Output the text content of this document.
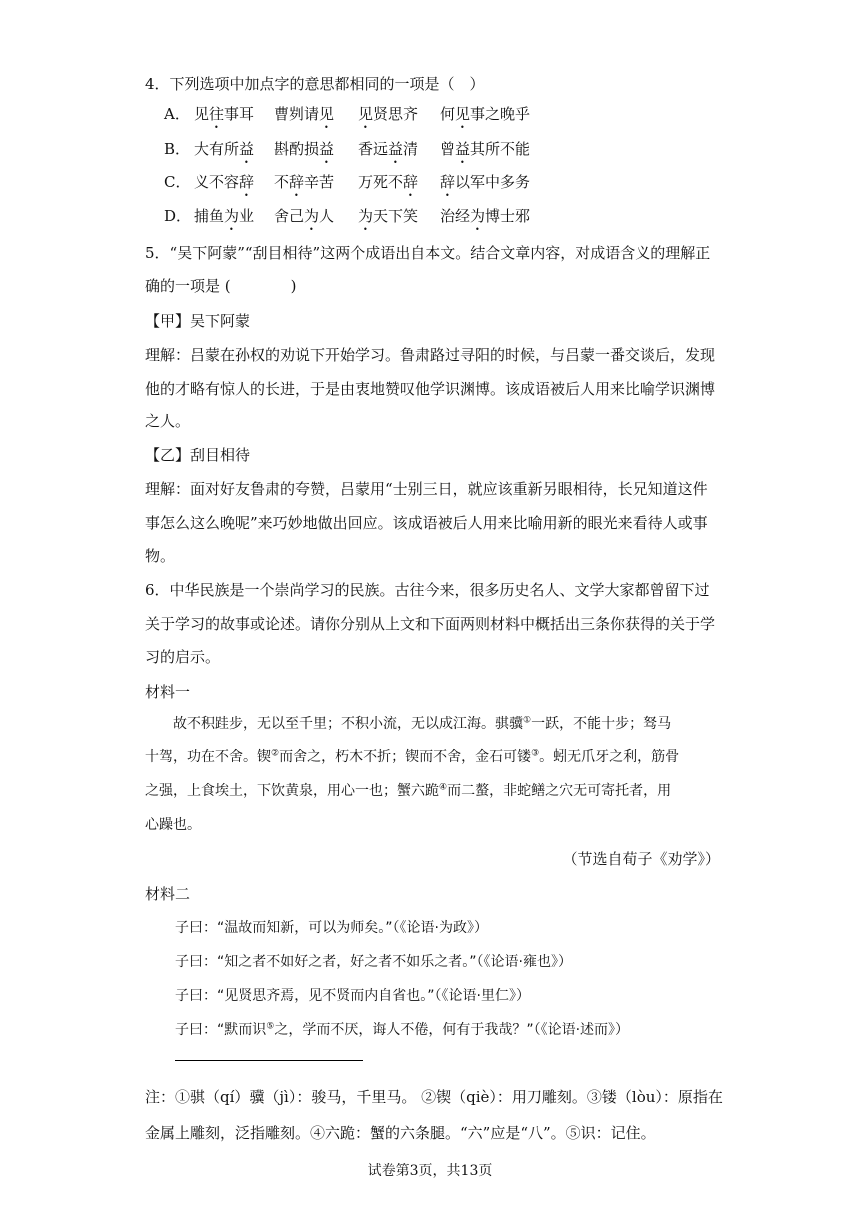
4．下列选项中加点字的意思都相同的一项是（　）
A． 见往事耳 曹刿请见 见贤思齐 何见事之晚乎
B． 大有所益 斟酌损益 香远益清 曾益其所不能
C． 义不容辞 不辞辛苦 万死不辞 辞以军中多务
D． 捕鱼为业 舍己为人 为天下笑 治经为博士邪
5．“吴下阿蒙”“刮目相待”这两个成语出自本文。结合文章内容，对成语含义的理解正
确的一项是 (　　　　)
【甲】吴下阿蒙
理解：吕蒙在孙权的劝说下开始学习。鲁肃路过寻阳的时候，与吕蒙一番交谈后，发现
他的才略有惊人的长进，于是由衷地赞叹他学识渊博。该成语被后人用来比喻学识渊博
之人。
【乙】刮目相待
理解：面对好友鲁肃的夸赞，吕蒙用“士别三日，就应该重新另眼相待，长兄知道这件
事怎么这么晚呢”来巧妙地做出回应。该成语被后人用来比喻用新的眼光来看待人或事
物。
6．中华民族是一个崇尚学习的民族。古往今来，很多历史名人、文学大家都曾留下过
关于学习的故事或论述。请你分别从上文和下面两则材料中概括出三条你获得的关于学
习的启示。
材料一
　　故不积跬步，无以至千里；不积小流，无以成江海。骐骥①一跃，不能十步；驽马
十驾，功在不舍。锲②而舍之，朽木不折；锲而不舍，金石可镂③。蚓无爪牙之利，筋骨
之强，上食埃土，下饮黄泉，用心一也；蟹六跪④而二螯，非蛇鳝之穴无可寄托者，用
心躁也。
（节选自荀子《劝学》）
材料二
子曰：“温故而知新，可以为师矣。”（《论语·为政》）
子曰：“知之者不如好之者，好之者不如乐之者。”（《论语·雍也》）
子曰：“见贤思齐焉，见不贤而内自省也。”（《论语·里仁》）
子曰：“默而识⑤之，学而不厌，诲人不倦，何有于我哉？”（《论语·述而》）
注：①骐（qí）骥（jì）：骏马，千里马。 ②锲（qiè）：用刀雕刻。③镂（lòu）：原指在
金属上雕刻，泛指雕刻。④六跪：蟹的六条腿。“六”应是“八”。⑤识：记住。
试卷第3页，共13页
